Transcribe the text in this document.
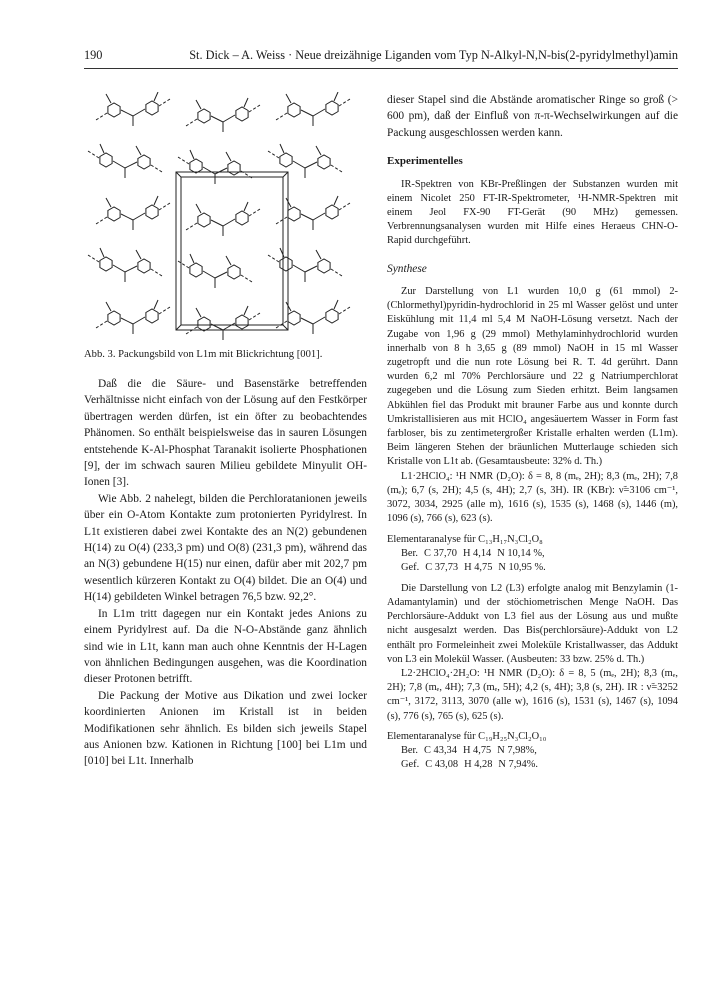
190	St. Dick – A. Weiss · Neue dreizähnige Liganden vom Typ N-Alkyl-N,N-bis(2-pyridylmethyl)amin

Abb. 3. Packungsbild von L1m mit Blickrichtung [001].

Daß die die Säure- und Basenstärke betreffenden Verhältnisse nicht einfach von der Lösung auf den Festkörper übertragen werden dürfen, ist ein öfter zu beobachtendes Phänomen. So enthält beispielsweise das in sauren Lösungen entstehende K-Al-Phosphat Taranakit isolierte Phosphationen [9], der im schwach sauren Milieu gebildete Minyulit OH-Ionen [3].

Wie Abb. 2 nahelegt, bilden die Perchloratanionen jeweils über ein O-Atom Kontakte zum protonierten Pyridylrest. In L1t existieren dabei zwei Kontakte des an N(2) gebundenen H(14) zu O(4) (233,3 pm) und O(8) (231,3 pm), während das an N(3) gebundene H(15) nur einen, dafür aber mit 202,7 pm wesentlich kürzeren Kontakt zu O(4) bildet. Die an O(4) und H(14) gebildeten Winkel betragen 76,5 bzw. 92,2°.

In L1m tritt dagegen nur ein Kontakt jedes Anions zu einem Pyridylrest auf. Da die N-O-Abstände ganz ähnlich sind wie in L1t, kann man auch ohne Kenntnis der H-Lagen von ähnlichen Bedingungen ausgehen, was die Koordination dieser Protonen betrifft.

Die Packung der Motive aus Dikation und zwei locker koordinierten Anionen im Kristall ist in beiden Modifikationen sehr ähnlich. Es bilden sich jeweils Stapel aus Anionen bzw. Kationen in Richtung [100] bei L1m und [010] bei L1t. Innerhalb

dieser Stapel sind die Abstände aromatischer Ringe so groß (> 600 pm), daß der Einfluß von π-π-Wechselwirkungen auf die Packung ausgeschlossen werden kann.

Experimentelles

IR-Spektren von KBr-Preßlingen der Substanzen wurden mit einem Nicolet 250 FT-IR-Spektrometer, ¹H-NMR-Spektren mit einem Jeol FX-90 FT-Gerät (90 MHz) gemessen. Verbrennungsanalysen wurden mit Hilfe eines Heraeus CHN-O-Rapid durchgeführt.

Synthese

Zur Darstellung von L1 wurden 10,0 g (61 mmol) 2-(Chlormethyl)pyridin-hydrochlorid in 25 ml Wasser gelöst und unter Eiskühlung mit 11,4 ml 5,4 M NaOH-Lösung versetzt. Nach der Zugabe von 1,96 g (29 mmol) Methylaminhydrochlorid wurden innerhalb von 8 h 3,65 g (89 mmol) NaOH in 15 ml Wasser zugetropft und die nun rote Lösung bei R. T. 4d gerührt. Dann wurden 6,2 ml 70% Perchlorsäure und 22 g Natriumperchlorat zugegeben und die Lösung zum Sieden erhitzt. Beim langsamen Abkühlen fiel das Produkt mit brauner Farbe aus und konnte durch Umkristallisieren aus mit HClO₄ angesäuertem Wasser in Form fast farbloser, bis zu zentimetergroßer Kristalle erhalten werden (L1m). Beim längeren Stehen der bräunlichen Mutterlauge schieden sich Kristalle von L1t ab. (Gesamtausbeute: 32% d. Th.)

L1·2HClO₄: ¹H NMR (D₂O): δ = 8, 8 (mₑ, 2H); 8,3 (mₑ, 2H); 7,8 (mₑ); 6,7 (s, 2H); 4,5 (s, 4H); 2,7 (s, 3H). IR (KBr): ν̃=3106 cm⁻¹, 3072, 3034, 2925 (alle m), 1616 (s), 1535 (s), 1468 (s), 1446 (m), 1096 (s), 766 (s), 623 (s).

Elementaranalyse für C₁₃H₁₇N₃Cl₂O₈
Ber. C 37,70 H 4,14 N 10,14 %,
Gef. C 37,73 H 4,75 N 10,95 %.

Die Darstellung von L2 (L3) erfolgte analog mit Benzylamin (1-Adamantylamin) und der stöchiometrischen Menge NaOH. Das Perchlorsäure-Addukt von L3 fiel aus der Lösung aus und mußte nicht ausgesalzt werden. Das Bis(perchlorsäure)-Addukt von L2 enthält pro Formeleinheit zwei Moleküle Kristallwasser, das Addukt von L3 ein Molekül Wasser. (Ausbeuten: 33 bzw. 25% d. Th.)

L2·2HClO₄·2H₂O: ¹H NMR (D₂O): δ = 8, 5 (mₑ, 2H); 8,3 (mₑ, 2H); 7,8 (mₑ, 4H); 7,3 (mₑ, 5H); 4,2 (s, 4H); 3,8 (s, 2H). IR : ν̃=3252 cm⁻¹, 3172, 3113, 3070 (alle w), 1616 (s), 1531 (s), 1467 (s), 1094 (s), 776 (s), 765 (s), 625 (s).

Elementaranalyse für C₁₉H₂₅N₃Cl₂O₁₀
Ber. C 43,34 H 4,75 N 7,98%,
Gef. C 43,08 H 4,28 N 7,94%.
